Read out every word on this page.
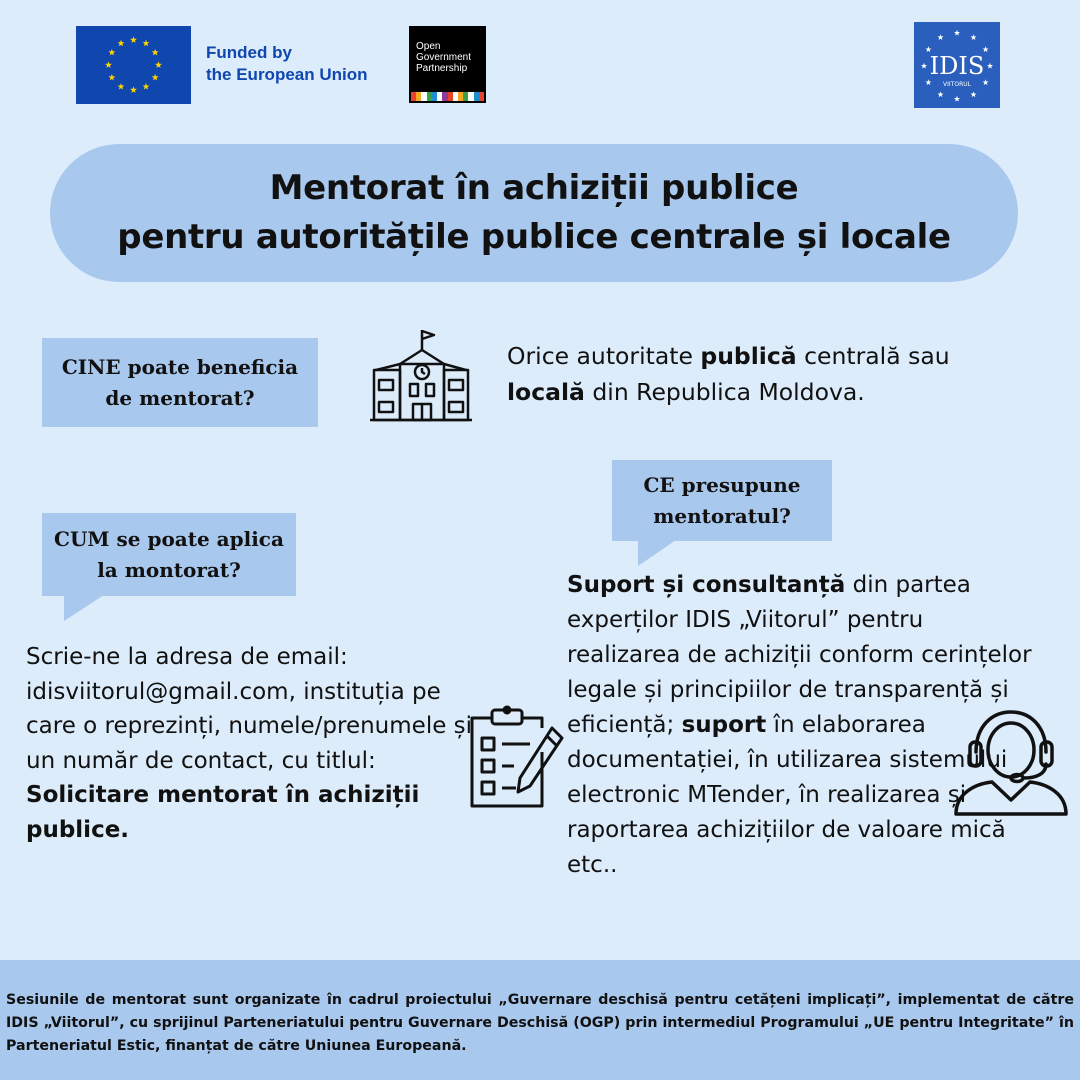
Funded by
the European Union
Open
Government
Partnership	IDIS
VIITORUL
Mentorat în achiziții publice
pentru autoritățile publice centrale și locale
CINE poate beneficia
de mentorat?
Orice autoritate publică centrală sau locală din Republica Moldova.
CUM se poate aplica
la montorat?
Scrie-ne la adresa de email: idisviitorul@gmail.com, instituția pe care o reprezinți, numele/prenumele și un număr de contact, cu titlul: Solicitare mentorat în achiziții publice.
CE presupune
mentoratul?
Suport și consultanță din partea experților IDIS „Viitorul” pentru realizarea de achiziții conform cerințelor legale și principiilor de transparență și eficiență; suport în elaborarea documentației, în utilizarea sistemului electronic MTender, în realizarea și raportarea achizițiilor de valoare mică etc..
Sesiunile de mentorat sunt organizate în cadrul proiectului „Guvernare deschisă pentru cetățeni implicați”, implementat de către IDIS „Viitorul”, cu sprijinul Parteneriatului pentru Guvernare Deschisă (OGP) prin intermediul Programului „UE pentru Integritate” în Parteneriatul Estic, finanțat de către Uniunea Europeană.
